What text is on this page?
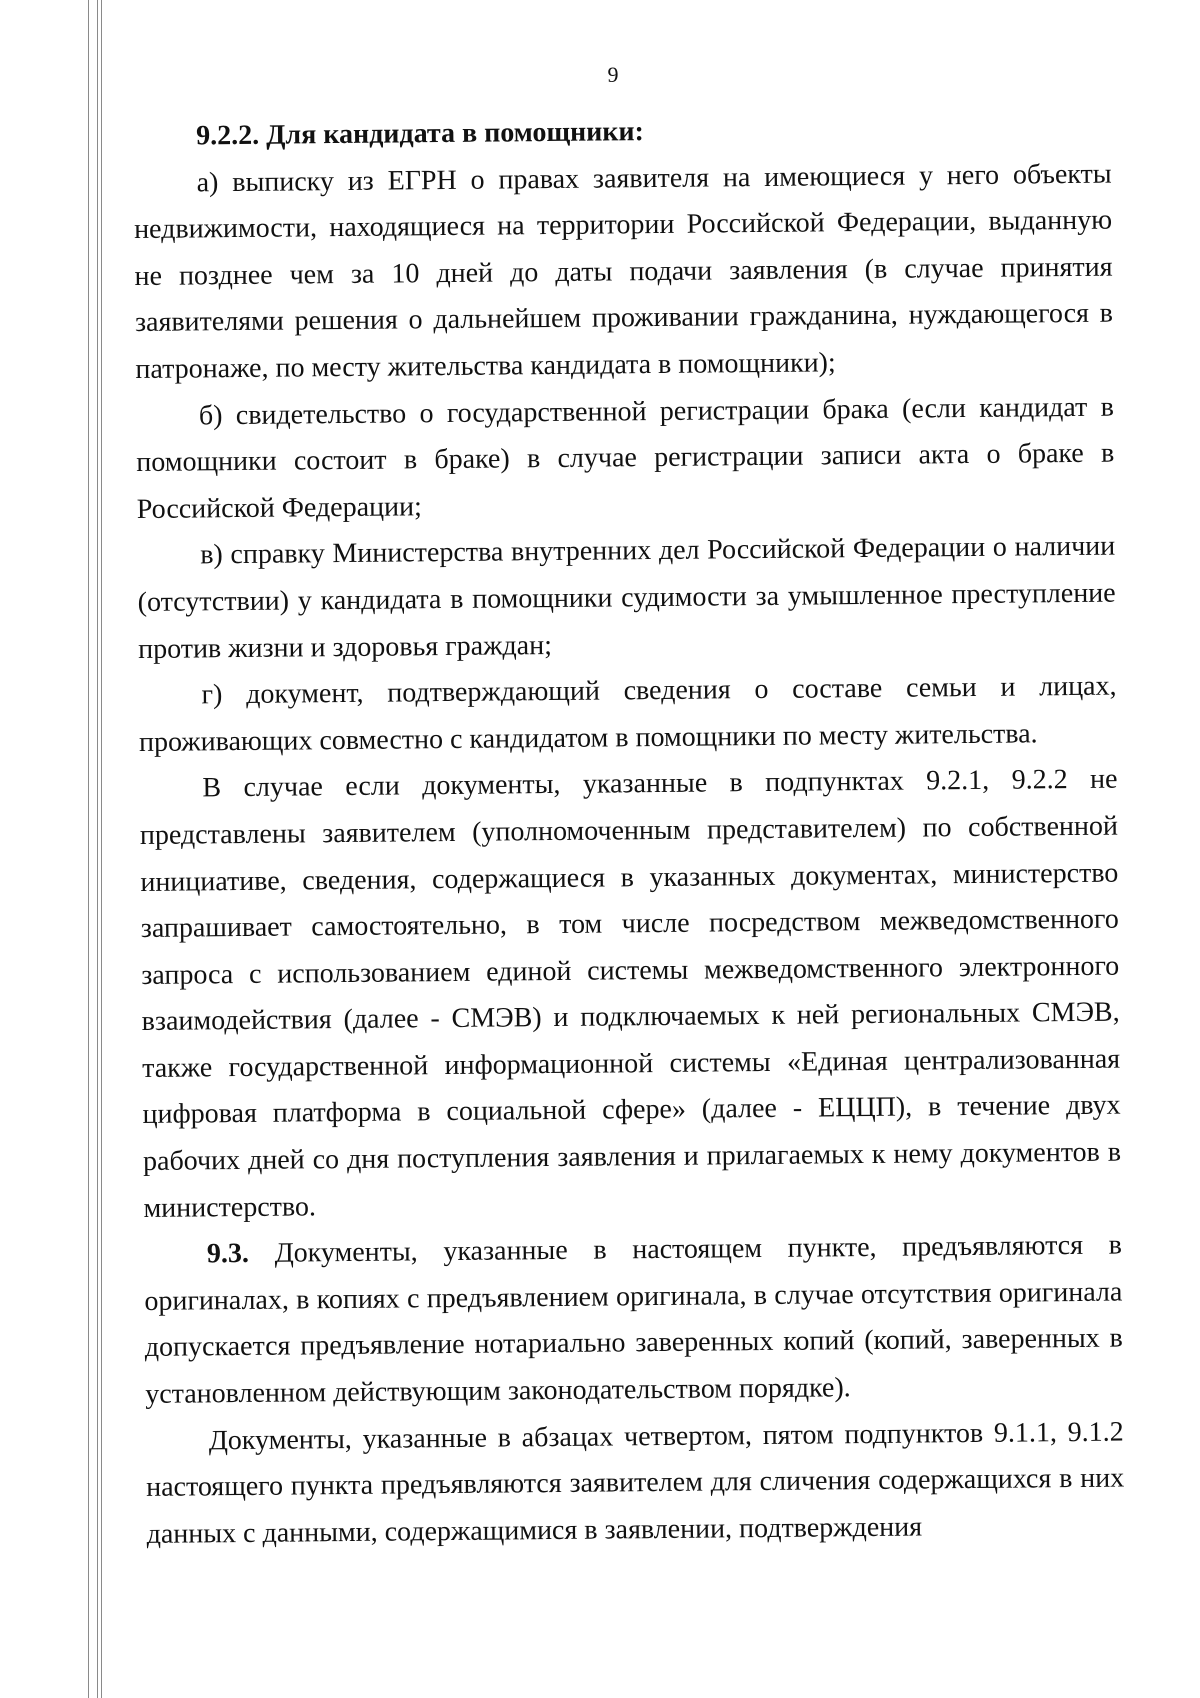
9

9.2.2. Для кандидата в помощники:

а) выписку из ЕГРН о правах заявителя на имеющиеся у него объекты недвижимости, находящиеся на территории Российской Федерации, выданную не позднее чем за 10 дней до даты подачи заявления (в случае принятия заявителями решения о дальнейшем проживании гражданина, нуждающегося в патронаже, по месту жительства кандидата в помощники);

б) свидетельство о государственной регистрации брака (если кандидат в помощники состоит в браке) в случае регистрации записи акта о браке в Российской Федерации;

в) справку Министерства внутренних дел Российской Федерации о наличии (отсутствии) у кандидата в помощники судимости за умышленное преступление против жизни и здоровья граждан;

г) документ, подтверждающий сведения о составе семьи и лицах, проживающих совместно с кандидатом в помощники по месту жительства.

В случае если документы, указанные в подпунктах 9.2.1, 9.2.2 не представлены заявителем (уполномоченным представителем) по собственной инициативе, сведения, содержащиеся в указанных документах, министерство запрашивает самостоятельно, в том числе посредством межведомственного запроса с использованием единой системы межведомственного электронного взаимодействия (далее - СМЭВ) и подключаемых к ней региональных СМЭВ, также государственной информационной системы «Единая централизованная цифровая платформа в социальной сфере» (далее - ЕЦЦП), в течение двух рабочих дней со дня поступления заявления и прилагаемых к нему документов в министерство.

9.3. Документы, указанные в настоящем пункте, предъявляются в оригиналах, в копиях с предъявлением оригинала, в случае отсутствия оригинала допускается предъявление нотариально заверенных копий (копий, заверенных в установленном действующим законодательством порядке).

Документы, указанные в абзацах четвертом, пятом подпунктов 9.1.1, 9.1.2 настоящего пункта предъявляются заявителем для сличения содержащихся в них данных с данными, содержащимися в заявлении, подтверждения
